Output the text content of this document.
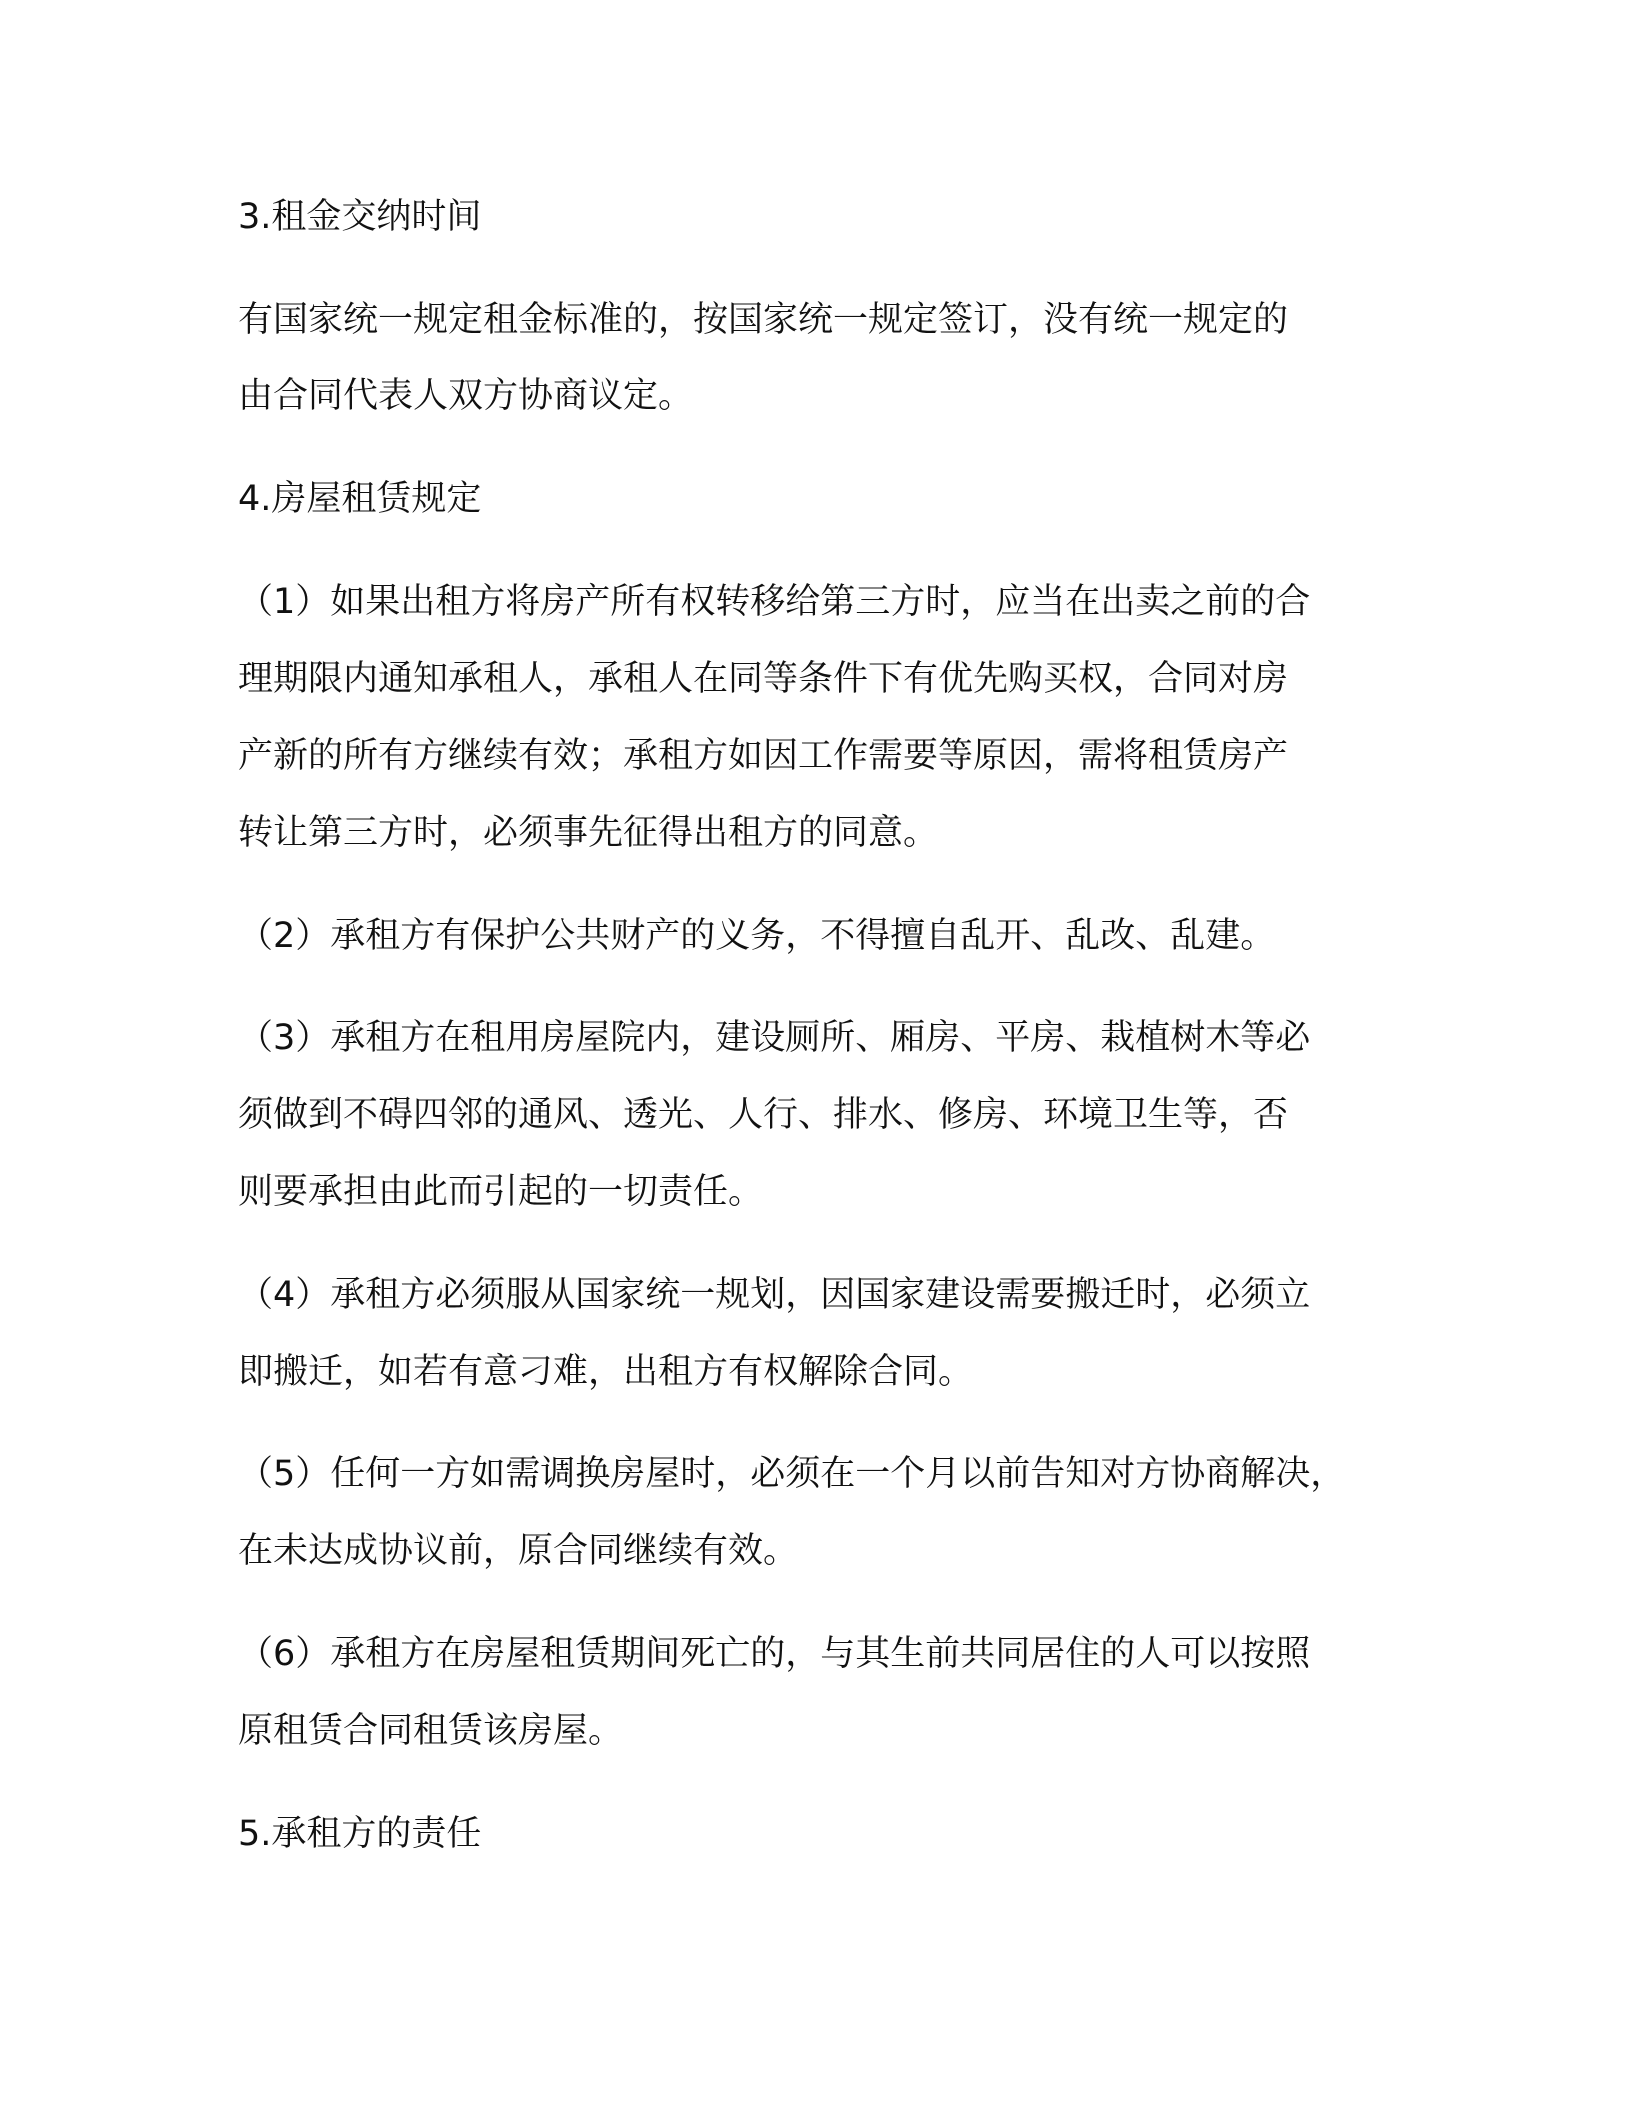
3.租金交纳时间
有国家统一规定租金标准的，按国家统一规定签订，没有统一规定的
由合同代表人双方协商议定。
4.房屋租赁规定
（1）如果出租方将房产所有权转移给第三方时，应当在出卖之前的合
理期限内通知承租人，承租人在同等条件下有优先购买权，合同对房
产新的所有方继续有效；承租方如因工作需要等原因，需将租赁房产
转让第三方时，必须事先征得出租方的同意。
（2）承租方有保护公共财产的义务，不得擅自乱开、乱改、乱建。
（3）承租方在租用房屋院内，建设厕所、厢房、平房、栽植树木等必
须做到不碍四邻的通风、透光、人行、排水、修房、环境卫生等，否
则要承担由此而引起的一切责任。
（4）承租方必须服从国家统一规划，因国家建设需要搬迁时，必须立
即搬迁，如若有意刁难，出租方有权解除合同。
（5）任何一方如需调换房屋时，必须在一个月以前告知对方协商解决，
在未达成协议前，原合同继续有效。
（6）承租方在房屋租赁期间死亡的，与其生前共同居住的人可以按照
原租赁合同租赁该房屋。
5.承租方的责任
